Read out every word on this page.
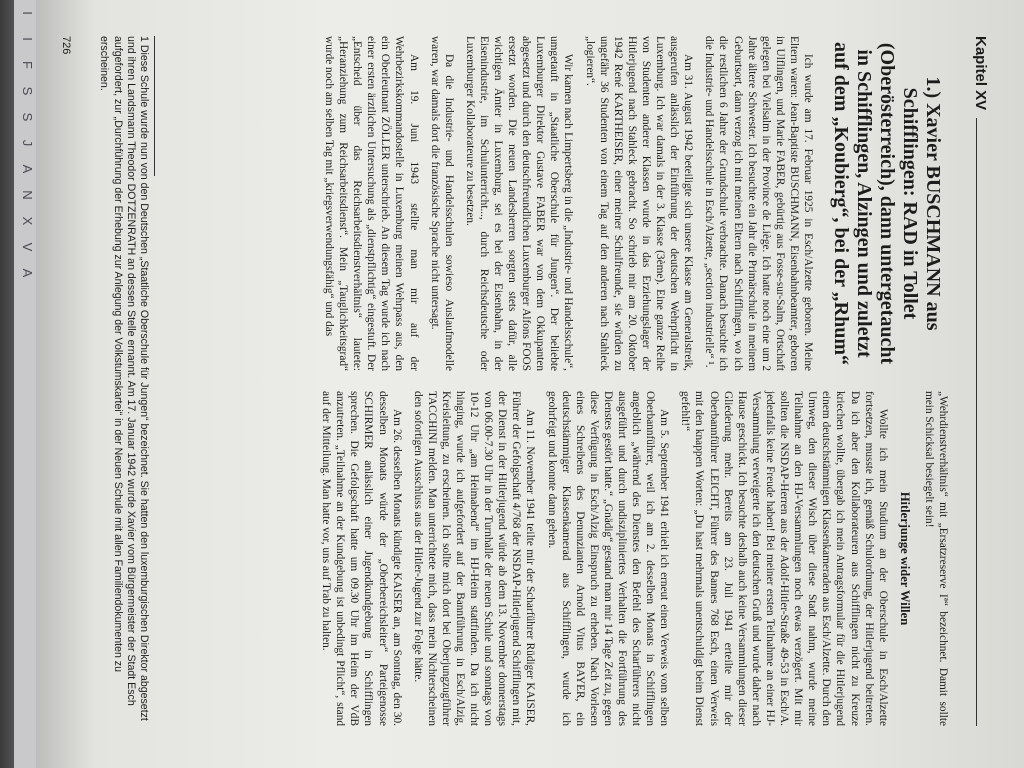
I
I
F
S
S
J
A
N
X
V
A
Kapitel XV
1.) Xavier BUSCHMANN aus Schifflingen: RAD in Tollet (Oberösterreich), dann untergetaucht in Schifflingen, Alzingen und zuletzt auf dem „Koubierg“, bei der „Rhum“

Ich wurde am 17. Februar 1925 in Esch/Alzette geboren. Meine Eltern waren: Jean-Baptiste BUSCHMANN, Eisenbahnbeamter, geboren in Ulflingen, und Marie FABER, gebürtig aus Fosse-sur-Salm, Ortschaft gelegen bei Vielsalm in der Province de Liège. Ich hatte noch eine um 2 Jahre ältere Schwester. Ich besuchte ein Jahr die Primärschule in meinem Geburtsort, dann verzog ich mit meinen Eltern nach Schifflingen, wo ich die restlichen 6 Jahre der Grundschule verbrachte. Danach besuchte ich die Industrie- und Handelsschule in Esch/Alzette, „section industrielle“ ¹.

Am 31. August 1942 beteiligte sich unsere Klasse am Generalstreik, ausgerufen anlässlich der Einführung der deutschen Wehrpflicht in Luxemburg. Ich war damals in der 3. Klasse (3ème). Eine ganze Reihe von Studenten anderer Klassen wurde in das Erziehungslager der Hitlerjugend nach Stahleck gebracht. So schrieb mir am 20. Oktober 1942 René KARTHEISER, einer meiner Schulfreunde, sie würden zu ungefähr 36 Studenten von einem Tag auf den anderen nach Stahleck „logieren“.

Wir kamen nach Limpertsberg in die „Industrie- und Handelsschule“, umgetauft in „Staatliche Oberschule für Jungen“. Der beliebte Luxemburger Direktor Gustave FABER war von dem Okkupanten abgesetzt und durch den deutschfreundlichen Luxemburger Alfons FOOS ersetzt worden. Die neuen Landesherren sorgten stets dafür, alle wichtigen Ämter in Luxemburg, sei es bei der Eisenbahn, in der Eisenindustrie, im Schulunterricht..., durch Reichsdeutsche oder Luxemburger Kollaborateure zu besetzen.

Da die Industrie- und Handelsschulen sowieso Auslaufmodelle waren, war damals dort die französische Sprache nicht untersagt.

Am 19. Juni 1943 stellte man mir auf der Wehrbezirkskommandostelle in Luxemburg meinen Wehrpass aus, den ein Oberleutnant ZÖLLER unterschrieb. An diesem Tag wurde ich nach einer ersten ärztlichen Untersuchung als „dienstpflichtig“ eingestuft. Der „Entscheid über das Reichsarbeitsdienstverhältnis“ lautete: „Heranziehung zum Reichsarbeitsdienst“. Mein „Tauglichkeitsgrad“ wurde noch am selben Tag mit „kriegsverwendungsfähig“ und das

„Wehrdienstverhältnis“ mit „Ersatzreserve Iª“ bezeichnet. Damit sollte mein Schicksal besiegelt sein!

Hitlerjunge wider Willen

Wollte ich mein Studium an der Oberschule in Esch/Alzette fortsetzen, musste ich, gemäß Schulordnung, der Hitlerjugend beitreten. Da ich aber den Kollaborateuren aus Schifflingen nicht zu Kreuze kriechen wollte, übergab ich mein Antragsformular für die Hitlerjugend einem deutschstämmigen Klassenkameraden aus Esch/Alzette. Durch den Umweg, den dieser Wisch über diese Stadt nahm, wurde meine Teilnahme an den HJ-Versammlungen noch etwas verzögert. Mit mir sollten die NSDAP-Herren aus der Adolf-Hitler-Straße 49-53 in Esch/A. jedenfalls keine Freude haben! Bei meiner ersten Teilnahme an einer HJ-Versammlung verweigerte ich den deutschen Gruß und wurde daher nach Hause geschickt. Ich besuchte deshalb auch keine Versammlungen dieser Gliederung mehr. Bereits am 23. Juli 1941 erteilte mir der Oberbannführer LEICHT, Führer des Bannes 768 Esch, einen Verweis mit den knappen Worten: „Du hast mehrmals unentschuldigt beim Dienst gefehlt!“

Am 5. September 1941 erhielt ich erneut einen Verweis vom selben Oberbannführer, weil ich am 2. desselben Monats in Schifflingen angeblich „während des Dienstes den Befehl des Scharführers nicht ausgeführt und durch undiszipliniertes Verhalten die Fortführung des Dienstes gestört hatte.“ „Gnädig“ gestand man mir 14 Tage Zeit zu, gegen diese Verfügung in Esch/Alzig Einspruch zu erheben. Nach Vorlesen eines Schreibens des Denunzianten Arnold Vitus BAYER, ein deutschstämmiger Klassenkamerad aus Schifflingen, wurde ich geohrfeigt und konnte dann gehen.

Am 11. November 1941 teilte mir der Scharführer Rüdiger KAISER, Führer der Gefolgschaft 4/768 der NSDAP-Hitlerjugend Schifflingen mit, der Dienst in der Hitlerjugend würde ab dem 13. November donnerstags von 06.00-7.30 Uhr in der Turnhalle der neuen Schule und sonntags von 10-12 Uhr „am Heimabend“ im HJ-Heim stattfinden. Da ich nicht hinging, wurde ich aufgefordert auf der Bannführung in Esch/Alzig, Kreisleitung, zu erscheinen. Ich sollte mich dort bei Oberjungzugführer TACCHINI melden. Man unterrichtete mich, dass mein Nichterscheinen den sofortigen Ausschluss aus der Hitler-Jugend zur Folge hätte.

Am 26. desselben Monats kündigte KAISER an, am Sonntag, den 30. desselben Monats würde der „Oberbereichsleiter“ Parteigenosse SCHIRMER anlässlich einer Jugendkundgebung in Schifflingen sprechen. Die Gefolgschaft hatte um 09.30 Uhr im Heim der VdB anzutreten. „Teilnahme an der Kundgebung ist unbedingt Pflicht“, stand auf der Mitteilung. Man hatte vor, uns auf Trab zu halten.

1 Diese Schule wurde nun von den Deutschen „Staatliche Oberschule für Jungen“ bezeichnet. Sie hatten den luxemburgischen Direktor abgesetzt und ihren Landsmann Theodor DOTZENRATH an dessen Stelle ernannt. Am 17. Januar 1942 wurde Xavier vom Bürgermeister der Stadt Esch aufgefordert, zur „Durchführung der Erhebung zur Anlegung der Volkstumskartei“ in der Neuen Schule mit allen Familiendokumenten zu erscheinen.
726
